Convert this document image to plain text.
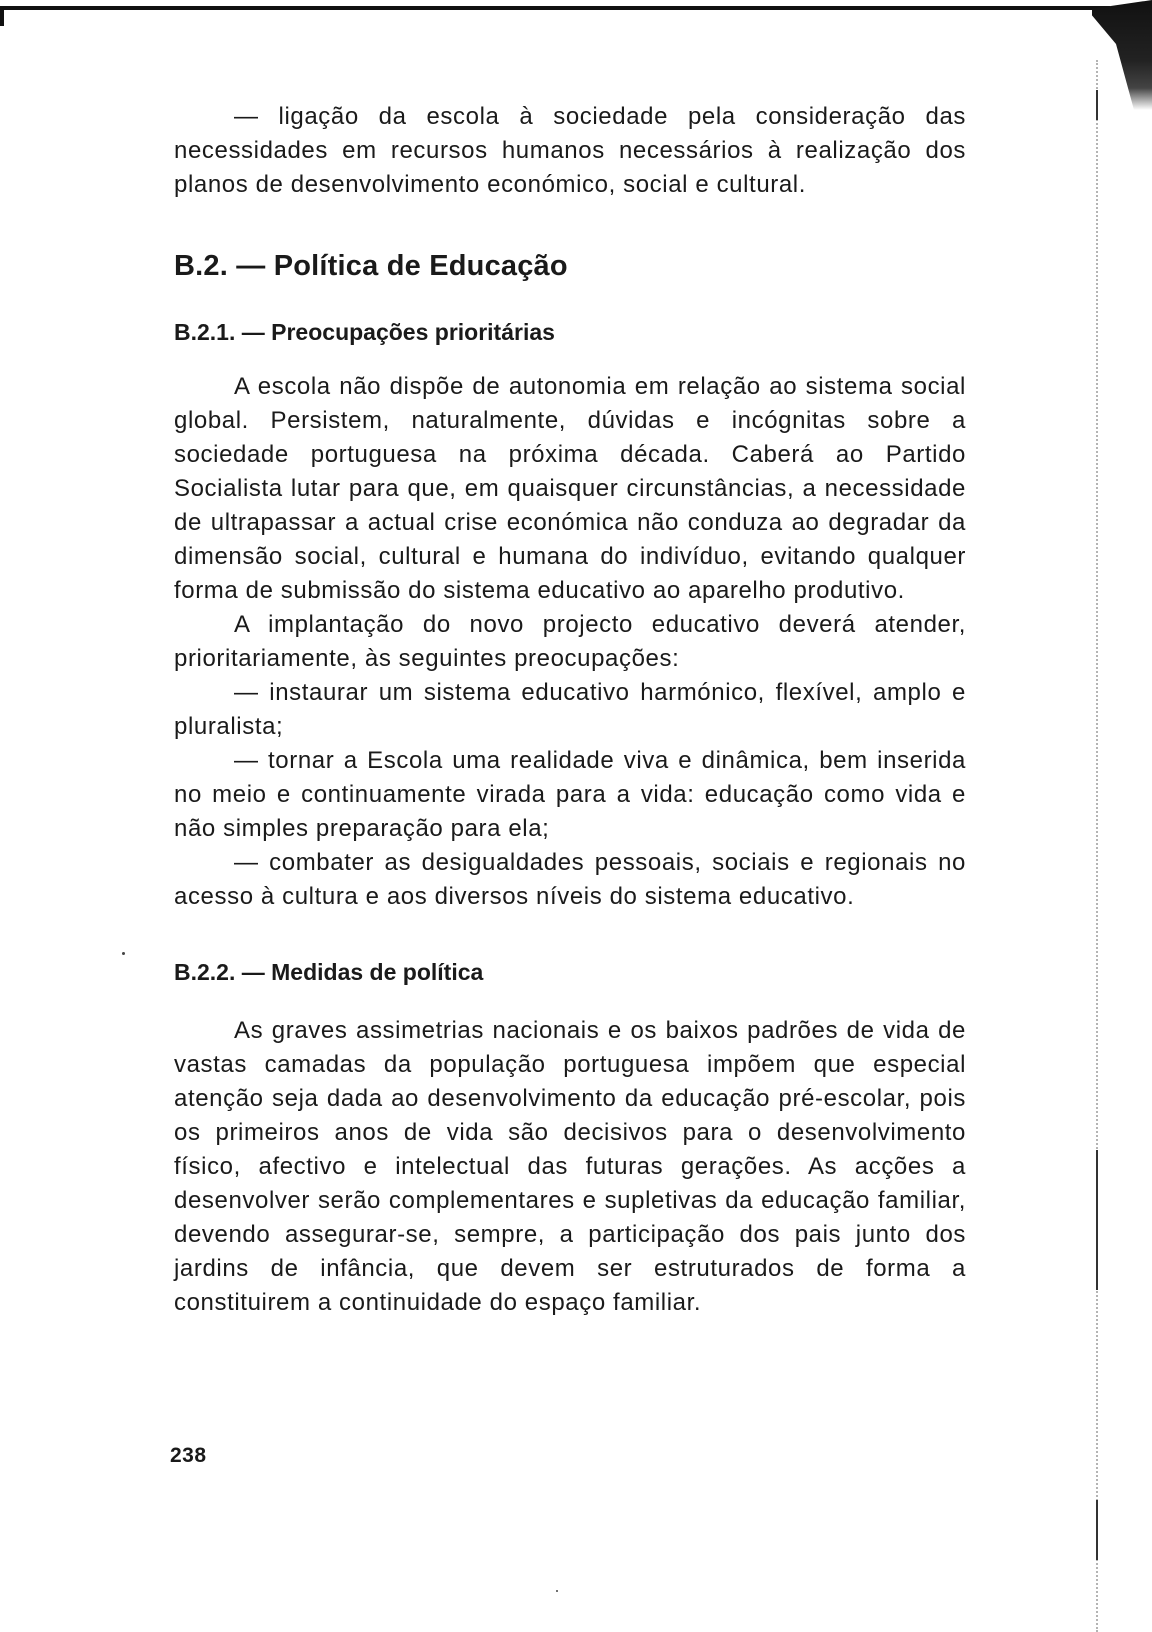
— ligação da escola à sociedade pela consideração das necessidades em recursos humanos necessários à realização dos planos de desenvolvimento económico, social e cultural.

B.2. — Política de Educação
B.2.1. — Preocupações prioritárias

A escola não dispõe de autonomia em relação ao sistema social global. Persistem, naturalmente, dúvidas e incógnitas sobre a sociedade portuguesa na próxima década. Caberá ao Partido Socialista lutar para que, em quaisquer circunstâncias, a necessidade de ultrapassar a actual crise económica não conduza ao degradar da dimensão social, cultural e humana do indivíduo, evitando qualquer forma de submissão do sistema educativo ao aparelho produtivo.

A implantação do novo projecto educativo deverá atender, prioritariamente, às seguintes preocupações:

— instaurar um sistema educativo harmónico, flexível, amplo e pluralista;

— tornar a Escola uma realidade viva e dinâmica, bem inserida no meio e continuamente virada para a vida: educação como vida e não simples preparação para ela;

— combater as desigualdades pessoais, sociais e regionais no acesso à cultura e aos diversos níveis do sistema educativo.

B.2.2. — Medidas de política

As graves assimetrias nacionais e os baixos padrões de vida de vastas camadas da população portuguesa impõem que especial atenção seja dada ao desenvolvimento da educação pré-escolar, pois os primeiros anos de vida são decisivos para o desenvolvimento físico, afectivo e intelectual das futuras gerações. As acções a desenvolver serão complementares e supletivas da educação familiar, devendo assegurar-se, sempre, a participação dos pais junto dos jardins de infância, que devem ser estruturados de forma a constituirem a continuidade do espaço familiar.

238
